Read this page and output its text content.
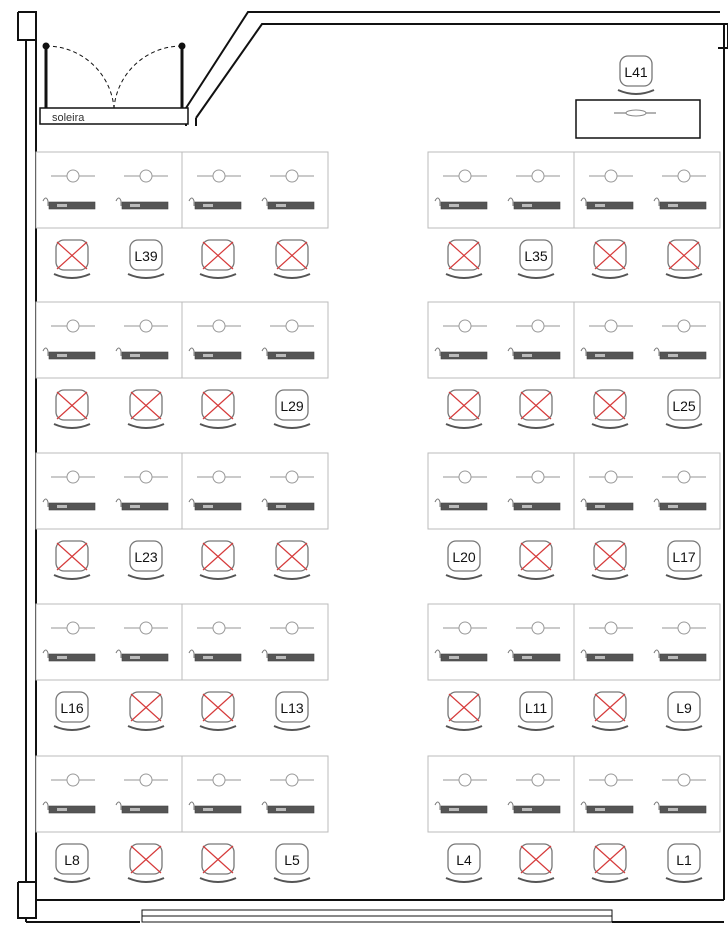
soleira
L41
L39	L35
L29	L25
L23	L20	L17
L16	L13	L11	L9
L8	L5	L4	L1
